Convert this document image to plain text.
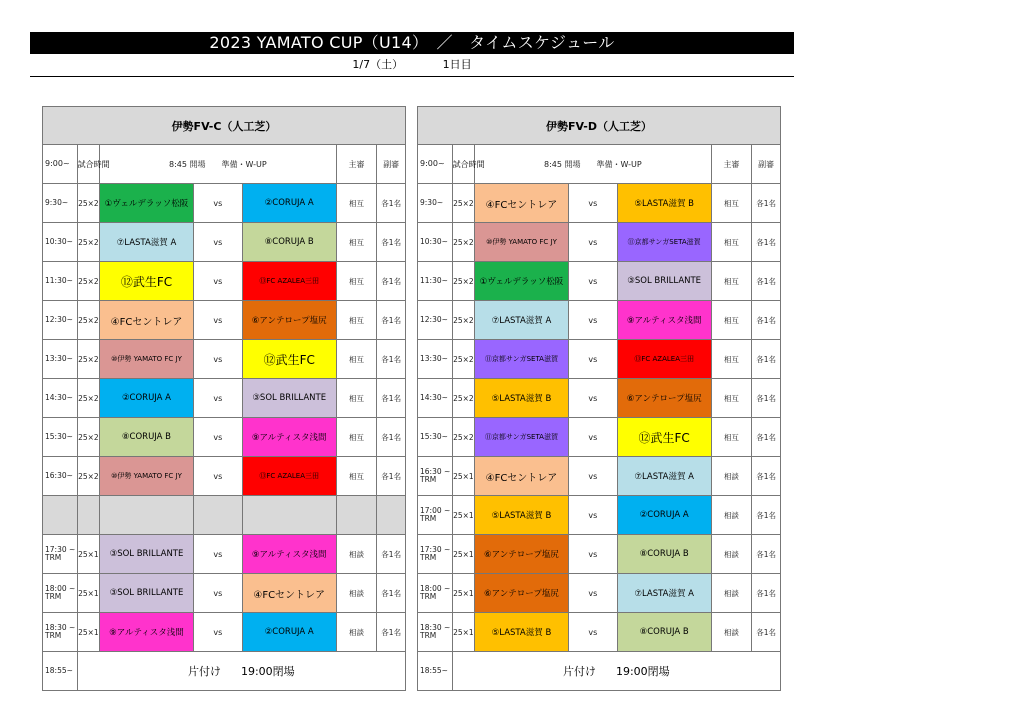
2023 YAMATO CUP（U14）　／　タイムスケジュール
1/7（土）	1日目
伊勢FV-C（人工芝）						
9:00~	試合時間	8:45 開場　　準備・W-UP			主審	副審
9:30~	25×2	①ヴェルデラッソ松阪	vs	②CORUJA A	相互	各1名
10:30~	25×2	⑦LASTA滋賀 A	vs	⑧CORUJA B	相互	各1名
11:30~	25×2	⑫武生FC	vs	⑬FC AZALEA三田	相互	各1名
12:30~	25×2	④FCセントレア	vs	⑥アンテロープ塩尻	相互	各1名
13:30~	25×2	⑩伊勢 YAMATO FC JY	vs	⑫武生FC	相互	各1名
14:30~	25×2	②CORUJA A	vs	③SOL BRILLANTE	相互	各1名
15:30~	25×2	⑧CORUJA B	vs	⑨アルティスタ浅間	相互	各1名
16:30~	25×2	⑩伊勢 YAMATO FC JY	vs	⑬FC AZALEA三田	相互	各1名

17:30 ~ TRM	25×1	③SOL BRILLANTE	vs	⑨アルティスタ浅間	相談	各1名
18:00 ~ TRM	25×1	③SOL BRILLANTE	vs	④FCセントレア	相談	各1名
18:30 ~ TRM	25×1	⑨アルティスタ浅間	vs	②CORUJA A	相談	各1名
18:55~	片付け 19:00閉場					
伊勢FV-D（人工芝）						
9:00~	試合時間	8:45 開場　　準備・W-UP			主審	副審
9:30~	25×2	④FCセントレア	vs	⑤LASTA滋賀 B	相互	各1名
10:30~	25×2	⑩伊勢 YAMATO FC JY	vs	⑪京都サンガSETA滋賀	相互	各1名
11:30~	25×2	①ヴェルデラッソ松阪	vs	③SOL BRILLANTE	相互	各1名
12:30~	25×2	⑦LASTA滋賀 A	vs	⑨アルティスタ浅間	相互	各1名
13:30~	25×2	⑪京都サンガSETA滋賀	vs	⑬FC AZALEA三田	相互	各1名
14:30~	25×2	⑤LASTA滋賀 B	vs	⑥アンテロープ塩尻	相互	各1名
15:30~	25×2	⑪京都サンガSETA滋賀	vs	⑫武生FC	相互	各1名
16:30 ~ TRM	25×1	④FCセントレア	vs	⑦LASTA滋賀 A	相談	各1名
17:00 ~ TRM	25×1	⑤LASTA滋賀 B	vs	②CORUJA A	相談	各1名
17:30 ~ TRM	25×1	⑥アンテロープ塩尻	vs	⑧CORUJA B	相談	各1名
18:00 ~ TRM	25×1	⑥アンテロープ塩尻	vs	⑦LASTA滋賀 A	相談	各1名
18:30 ~ TRM	25×1	⑤LASTA滋賀 B	vs	⑧CORUJA B	相談	各1名
18:55~	片付け 19:00閉場					
